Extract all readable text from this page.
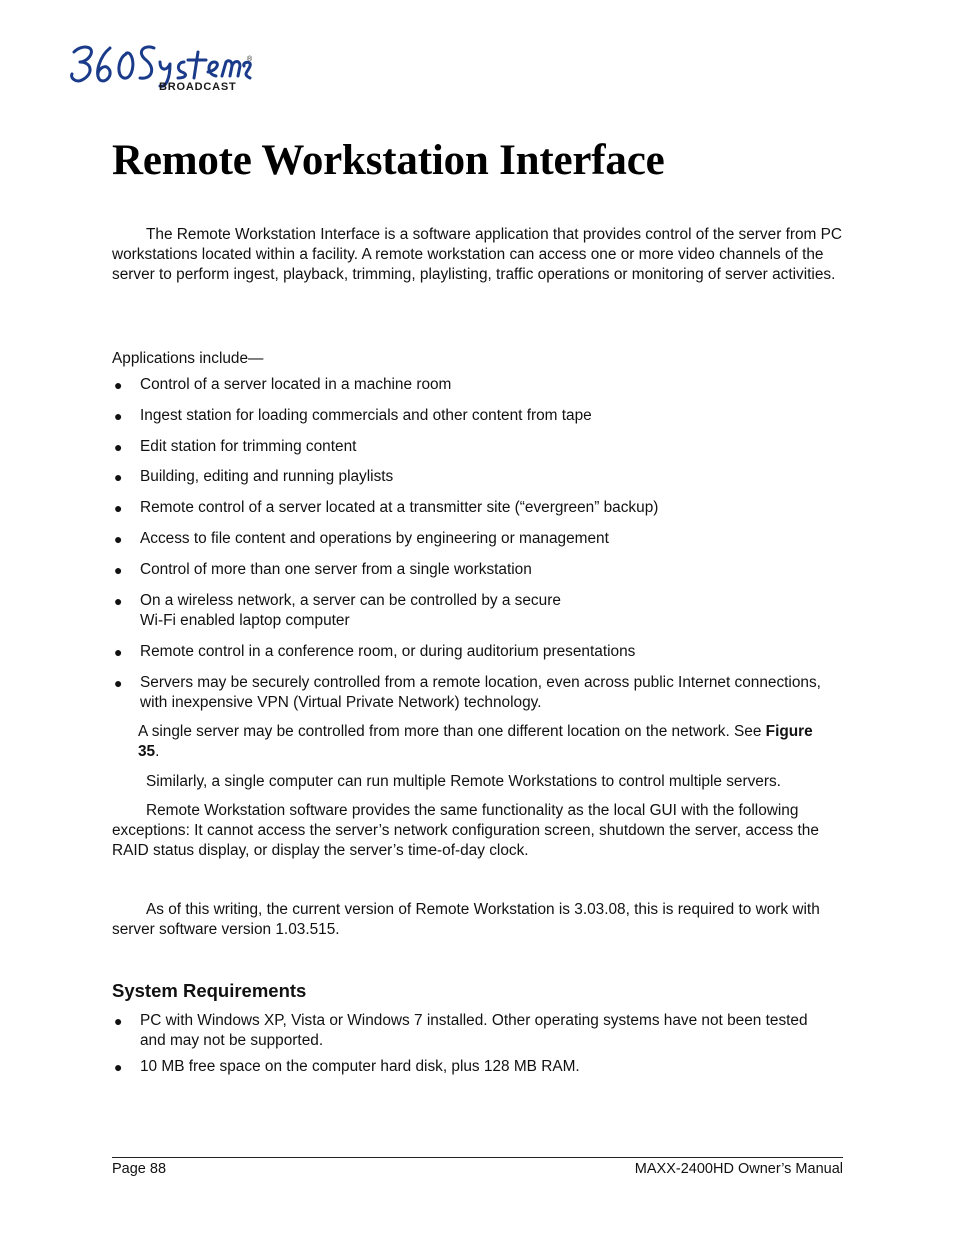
®
BROADCAST
Remote Workstation Interface

The Remote Workstation Interface is a software application that provides control of the server from PC workstations located within a facility. A remote workstation can access one or more video channels of the server to perform ingest, playback, trimming, playlisting, traffic operations or monitoring of server activities.

Applications include—

● Control of a server located in a machine room
● Ingest station for loading commercials and other content from tape
● Edit station for trimming content
● Building, editing and running playlists
● Remote control of a server located at a transmitter site (“evergreen” backup)
● Access to file content and operations by engineering or management
● Control of more than one server from a single workstation
● On a wireless network, a server can be controlled by a secure
Wi-Fi enabled laptop computer
● Remote control in a conference room, or during auditorium presentations
● Servers may be securely controlled from a remote location, even across public Internet connections, with inexpensive VPN (Virtual Private Network) technology.

A single server may be controlled from more than one different location on the network. See Figure 35.

Similarly, a single computer can run multiple Remote Workstations to control multiple servers.

Remote Workstation software provides the same functionality as the local GUI with the following exceptions: It cannot access the server’s network configuration screen, shutdown the server, access the RAID status display, or display the server’s time-of-day clock.

As of this writing, the current version of Remote Workstation is 3.03.08, this is required to work with server software version 1.03.515.

System Requirements
● PC with Windows XP, Vista or Windows 7 installed. Other operating systems have not been tested and may not be supported.
● 10 MB free space on the computer hard disk, plus 128 MB RAM.
Page 88	MAXX-2400HD Owner’s Manual
